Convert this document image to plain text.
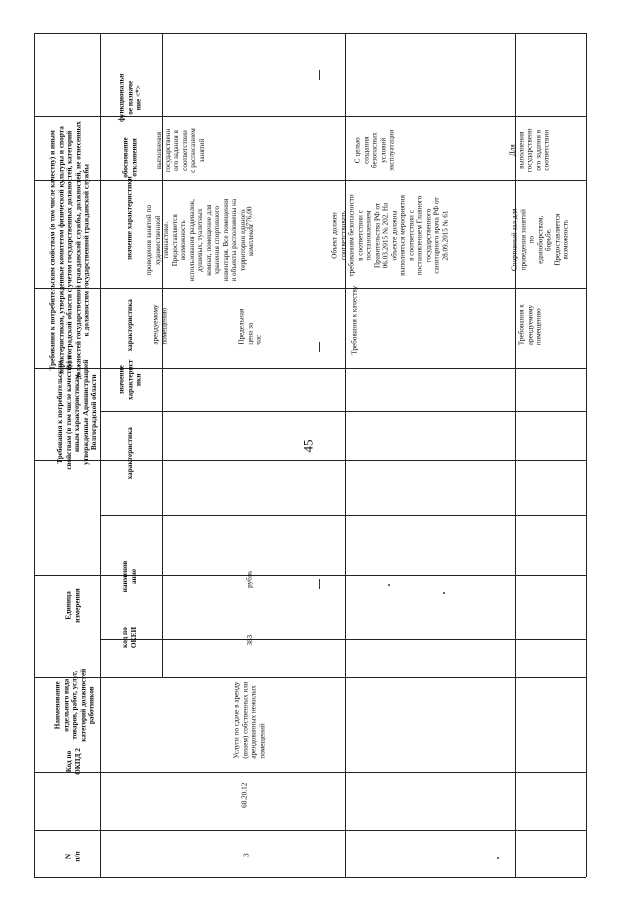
45
N
п/п
Код по
ОКПД 2
Наименование
отдельного вида
товаров, работ, услуг,
категорий должностей
работников
Единица измерения
код по
ОКЕИ
наименов
ание
Требования к потребительским
свойствам (в том числе качеству) и
иным характеристикам,
утвержденные Администрацией
Волгоградской области
характеристика
значение
характерист
ики
Требования к потребительским свойствам (в том числе качеству) и иным
характеристикам, утвержденные комитетом физической культуры и спорта
Волгоградской области с учетом государственных должностей, категорий
должностей государственной гражданской службы, должностей, не отнесенных
к должностям государственной гражданской службы
характеристика
значение характеристики
обоснование
отклонения
функциональн
ое назначе
ние <*>
арендуемому
помещению
проведения занятий по
художественной
гимнастике.
Предоставляется
возможность
использования раздевалок,
душевых, туалетных
комнат, помещение для
хранения спортивного
инвентаря. Все помещения
и объекты расположены на
территории единого
комплекса
выполнения
государственн
ого задания в
соответствии
с расписанием
занятий
3
68.20.12
Услуги по сдаче в аренду
(внаем) собственных или
арендованных нежилых
помещений
383
рубль
Предельная цена за
час
1776,00
Требования к качеству
Объект должен
соответствовать
требованиям безопасности
в соответствии с
постановлением
Правительства РФ от
06.03.2015 № 202. На
объекте должны
выполняться мероприятия
в соответствии с
постановлением Главного
государственного
санитарного врача РФ от
28.09.2015 № 61
С целью
создания
безопасных
условий
эксплуатации
Требования к
арендуемому
помещению
Спортивный зал для
проведения занятий по
единоборствам, борьбе.
Предоставляется
возможность
Для
выполнения
государственн
ого задания в
соответствии
